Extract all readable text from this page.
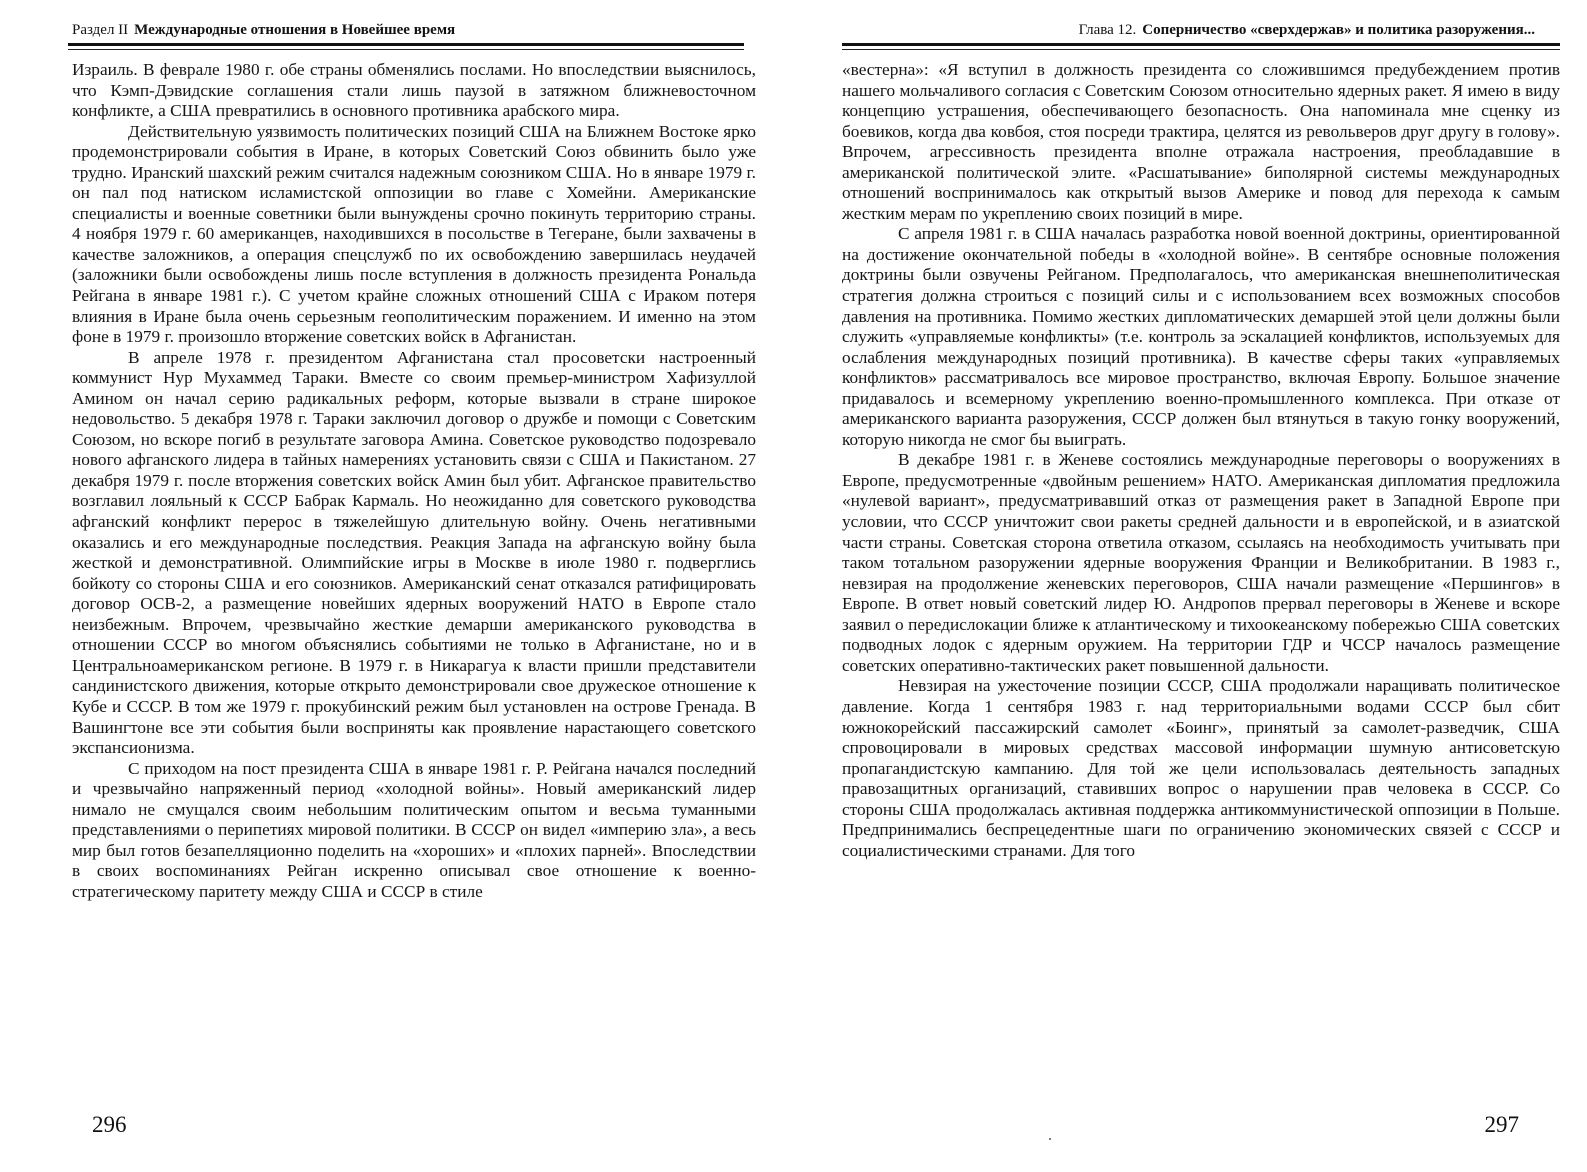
Раздел II Международные отношения в Новейшее время

Израиль. В феврале 1980 г. обе страны обменялись послами. Но впоследствии выяснилось, что Кэмп-Дэвидские соглашения стали лишь паузой в затяжном ближневосточном конфликте, а США превратились в основного противника арабского мира.

Действительную уязвимость политических позиций США на Ближнем Востоке ярко продемонстрировали события в Иране, в которых Советский Союз обвинить было уже трудно. Иранский шахский режим считался надежным союзником США. Но в январе 1979 г. он пал под натиском исламистской оппозиции во главе с Хомейни. Американские специалисты и военные советники были вынуждены срочно покинуть территорию страны. 4 ноября 1979 г. 60 американцев, находившихся в посольстве в Тегеране, были захвачены в качестве заложников, а операция спецслужб по их освобождению завершилась неудачей (заложники были освобождены лишь после вступления в должность президента Рональда Рейгана в январе 1981 г.). С учетом крайне сложных отношений США с Ираком потеря влияния в Иране была очень серьезным геополитическим поражением. И именно на этом фоне в 1979 г. произошло вторжение советских войск в Афганистан.

В апреле 1978 г. президентом Афганистана стал просоветски настроенный коммунист Нур Мухаммед Тараки. Вместе со своим премьер-министром Хафизуллой Амином он начал серию радикальных реформ, которые вызвали в стране широкое недовольство. 5 декабря 1978 г. Тараки заключил договор о дружбе и помощи с Советским Союзом, но вскоре погиб в результате заговора Амина. Советское руководство подозревало нового афганского лидера в тайных намерениях установить связи с США и Пакистаном. 27 декабря 1979 г. после вторжения советских войск Амин был убит. Афганское правительство возглавил лояльный к СССР Бабрак Кармаль. Но неожиданно для советского руководства афганский конфликт перерос в тяжелейшую длительную войну. Очень негативными оказались и его международные последствия. Реакция Запада на афганскую войну была жесткой и демонстративной. Олимпийские игры в Москве в июле 1980 г. подверглись бойкоту со стороны США и его союзников. Американский сенат отказался ратифицировать договор ОСВ-2, а размещение новейших ядерных вооружений НАТО в Европе стало неизбежным. Впрочем, чрезвычайно жесткие демарши американского руководства в отношении СССР во многом объяснялись событиями не только в Афганистане, но и в Центральноамериканском регионе. В 1979 г. в Никарагуа к власти пришли представители сандинистского движения, которые открыто демонстрировали свое дружеское отношение к Кубе и СССР. В том же 1979 г. прокубинский режим был установлен на острове Гренада. В Вашингтоне все эти события были восприняты как проявление нарастающего советского экспансионизма.

С приходом на пост президента США в январе 1981 г. Р. Рейгана начался последний и чрезвычайно напряженный период «холодной войны». Новый американский лидер нимало не смущался своим небольшим политическим опытом и весьма туманными представлениями о перипетиях мировой политики. В СССР он видел «империю зла», а весь мир был готов безапелляционно поделить на «хороших» и «плохих парней». Впоследствии в своих воспоминаниях Рейган искренно описывал свое отношение к военно-стратегическому паритету между США и СССР в стиле

296
Глава 12. Соперничество «сверхдержав» и политика разоружения...

«вестерна»: «Я вступил в должность президента со сложившимся предубеждением против нашего мольчаливого согласия с Советским Союзом относительно ядерных ракет. Я имею в виду концепцию устрашения, обеспечивающего безопасность. Она напоминала мне сценку из боевиков, когда два ковбоя, стоя посреди трактира, целятся из револьверов друг другу в голову». Впрочем, агрессивность президента вполне отражала настроения, преобладавшие в американской политической элите. «Расшатывание» биполярной системы международных отношений воспринималось как открытый вызов Америке и повод для перехода к самым жестким мерам по укреплению своих позиций в мире.

С апреля 1981 г. в США началась разработка новой военной доктрины, ориентированной на достижение окончательной победы в «холодной войне». В сентябре основные положения доктрины были озвучены Рейганом. Предполагалось, что американская внешнеполитическая стратегия должна строиться с позиций силы и с использованием всех возможных способов давления на противника. Помимо жестких дипломатических демаршей этой цели должны были служить «управляемые конфликты» (т.е. контроль за эскалацией конфликтов, используемых для ослабления международных позиций противника). В качестве сферы таких «управляемых конфликтов» рассматривалось все мировое пространство, включая Европу. Большое значение придавалось и всемерному укреплению военно-промышленного комплекса. При отказе от американского варианта разоружения, СССР должен был втянуться в такую гонку вооружений, которую никогда не смог бы выиграть.

В декабре 1981 г. в Женеве состоялись международные переговоры о вооружениях в Европе, предусмотренные «двойным решением» НАТО. Американская дипломатия предложила «нулевой вариант», предусматривавший отказ от размещения ракет в Западной Европе при условии, что СССР уничтожит свои ракеты средней дальности и в европейской, и в азиатской части страны. Советская сторона ответила отказом, ссылаясь на необходимость учитывать при таком тотальном разоружении ядерные вооружения Франции и Великобритании. В 1983 г., невзирая на продолжение женевских переговоров, США начали размещение «Першингов» в Европе. В ответ новый советский лидер Ю. Андропов прервал переговоры в Женеве и вскоре заявил о передислокации ближе к атлантическому и тихоокеанскому побережью США советских подводных лодок с ядерным оружием. На территории ГДР и ЧССР началось размещение советских оперативно-тактических ракет повышенной дальности.

Невзирая на ужесточение позиции СССР, США продолжали наращивать политическое давление. Когда 1 сентября 1983 г. над территориальными водами СССР был сбит южнокорейский пассажирский самолет «Боинг», принятый за самолет-разведчик, США спровоцировали в мировых средствах массовой информации шумную антисоветскую пропагандистскую кампанию. Для той же цели использовалась деятельность западных правозащитных организаций, ставивших вопрос о нарушении прав человека в СССР. Со стороны США продолжалась активная поддержка антикоммунистической оппозиции в Польше. Предпринимались беспрецедентные шаги по ограничению экономических связей с СССР и социалистическими странами. Для того

297
